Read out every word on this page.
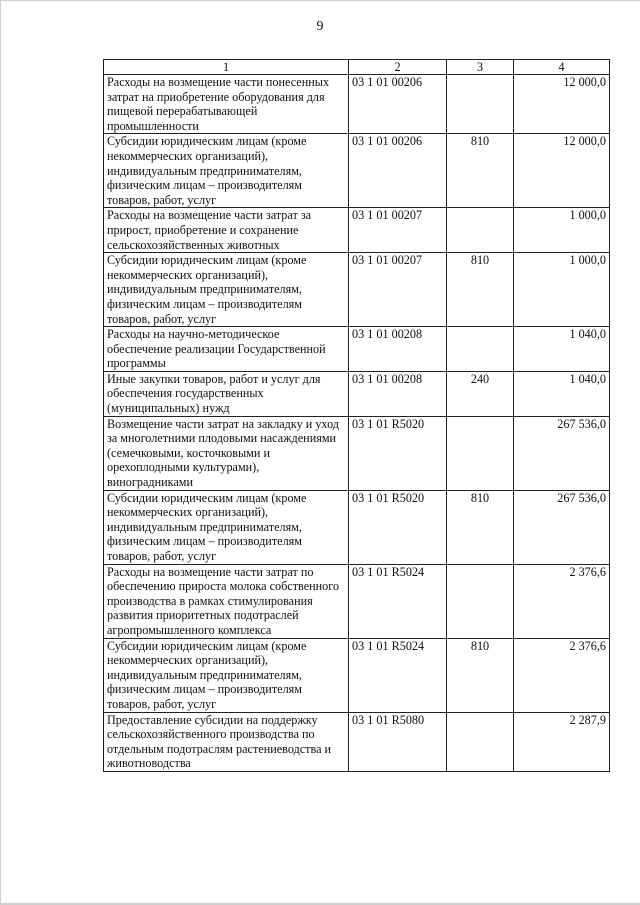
9
1	2	3	4
Расходы на возмещение части понесенных затрат на приобретение оборудования для пищевой перерабатывающей промышленности	03 1 01 00206		12 000,0
Субсидии юридическим лицам (кроме некоммерческих организаций), индивидуальным предпринимателям, физическим лицам – производителям товаров, работ, услуг	03 1 01 00206	810	12 000,0
Расходы на возмещение части затрат за прирост, приобретение и сохранение сельскохозяйственных животных	03 1 01 00207		1 000,0
Субсидии юридическим лицам (кроме некоммерческих организаций), индивидуальным предпринимателям, физическим лицам – производителям товаров, работ, услуг	03 1 01 00207	810	1 000,0
Расходы на научно-методическое обеспечение реализации Государственной программы	03 1 01 00208		1 040,0
Иные закупки товаров, работ и услуг для обеспечения государственных (муниципальных) нужд	03 1 01 00208	240	1 040,0
Возмещение части затрат на закладку и уход за многолетними плодовыми насаждениями (семечковыми, косточковыми и орехоплодными культурами), виноградниками	03 1 01 R5020		267 536,0
Субсидии юридическим лицам (кроме некоммерческих организаций), индивидуальным предпринимателям, физическим лицам – производителям товаров, работ, услуг	03 1 01 R5020	810	267 536,0
Расходы на возмещение части затрат по обеспечению прироста молока собственного производства в рамках стимулирования развития приоритетных подотраслей агропромышленного комплекса	03 1 01 R5024		2 376,6
Субсидии юридическим лицам (кроме некоммерческих организаций), индивидуальным предпринимателям, физическим лицам – производителям товаров, работ, услуг	03 1 01 R5024	810	2 376,6
Предоставление субсидии на поддержку сельскохозяйственного производства по отдельным подотраслям растениеводства и животноводства	03 1 01 R5080		2 287,9
